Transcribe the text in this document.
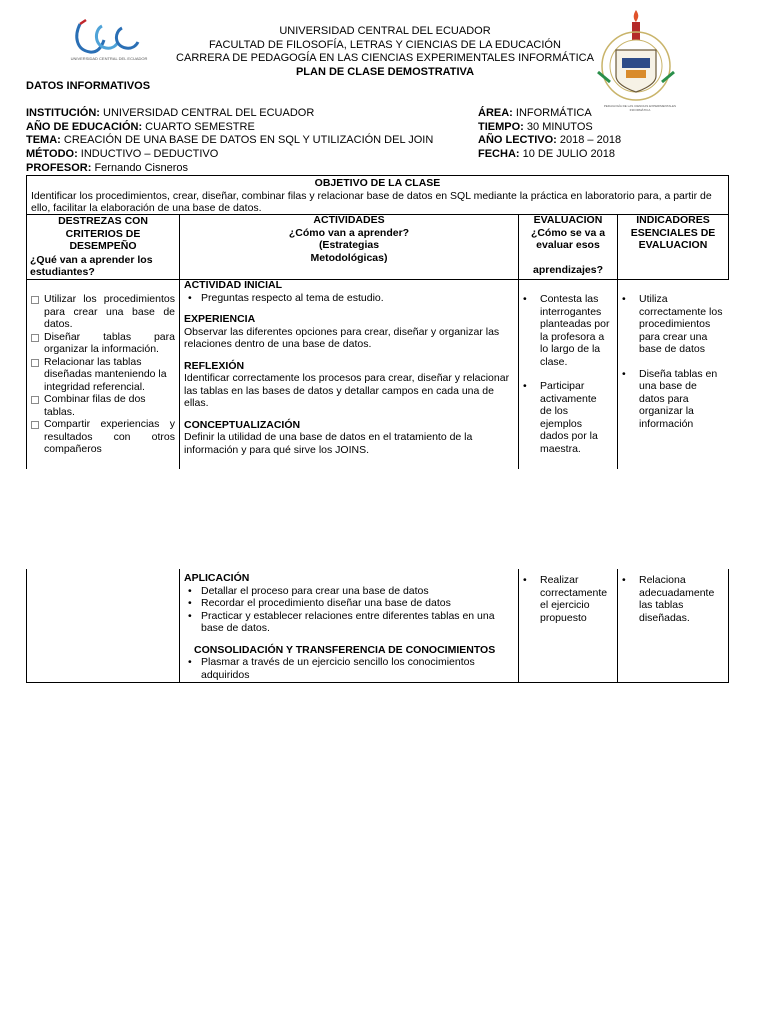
UNIVERSIDAD CENTRAL DEL ECUADOR
PEDAGOGÍA DE LAS CIENCIAS EXPERIMENTALES INFORMÁTICA
UNIVERSIDAD CENTRAL DEL ECUADOR
FACULTAD DE FILOSOFÍA, LETRAS Y CIENCIAS DE LA EDUCACIÓN
CARRERA DE PEDAGOGÍA EN LAS CIENCIAS EXPERIMENTALES INFORMÁTICA
PLAN DE CLASE DEMOSTRATIVA
DATOS INFORMATIVOS
INSTITUCIÓN: UNIVERSIDAD CENTRAL DEL ECUADOR
AÑO DE EDUCACIÓN: CUARTO SEMESTRE
TEMA: CREACIÓN DE UNA BASE DE DATOS EN SQL Y UTILIZACIÓN DEL JOIN
MÉTODO: INDUCTIVO – DEDUCTIVO
PROFESOR: Fernando Cisneros
ÁREA: INFORMÁTICA
TIEMPO: 30 MINUTOS
AÑO LECTIVO: 2018 – 2018
FECHA: 10 DE JULIO 2018
OBJETIVO DE LA CLASE
Identificar los procedimientos, crear, diseñar, combinar filas y relacionar base de datos en SQL mediante la práctica en laboratorio para, a partir de ello, facilitar la elaboración de una base de datos.
DESTREZAS CON CRITERIOS DE DESEMPEÑO
¿Qué van a aprender los estudiantes?
ACTIVIDADES
¿Cómo van a aprender?
(Estrategias
Metodológicas)
EVALUACION
¿Cómo se va a evaluar esos
aprendizajes?
INDICADORES ESENCIALES DE EVALUACION
Utilizar los procedimientos para crear una base de datos.
Diseñar tablas para organizar la información.
Relacionar las tablas diseñadas manteniendo la integridad referencial.
Combinar filas de dos tablas.
Compartir experiencias y resultados con otros compañeros
ACTIVIDAD INICIAL
• Preguntas respecto al tema de estudio.
EXPERIENCIA
Observar las diferentes opciones para crear, diseñar y organizar las relaciones dentro de una base de datos.
REFLEXIÓN
Identificar correctamente los procesos para crear, diseñar y relacionar las tablas en las bases de datos y detallar campos en cada una de ellas.
CONCEPTUALIZACIÓN
Definir la utilidad de una base de datos en el tratamiento de la información y para qué sirve los JOINS.
• Contesta las interrogantes planteadas por la profesora a lo largo de la clase.
• Participar activamente de los ejemplos dados por la maestra.
• Utiliza correctamente los procedimientos para crear una base de datos
• Diseña tablas en una base de datos para organizar la información
APLICACIÓN
• Detallar el proceso para crear una base de datos
• Recordar el procedimiento diseñar una base de datos
• Practicar y establecer relaciones entre diferentes tablas en una base de datos.
CONSOLIDACIÓN Y TRANSFERENCIA DE CONOCIMIENTOS
• Plasmar a través de un ejercicio sencillo los conocimientos adquiridos
• Realizar correctamente el ejercicio propuesto
• Relaciona adecuadamente las tablas diseñadas.
